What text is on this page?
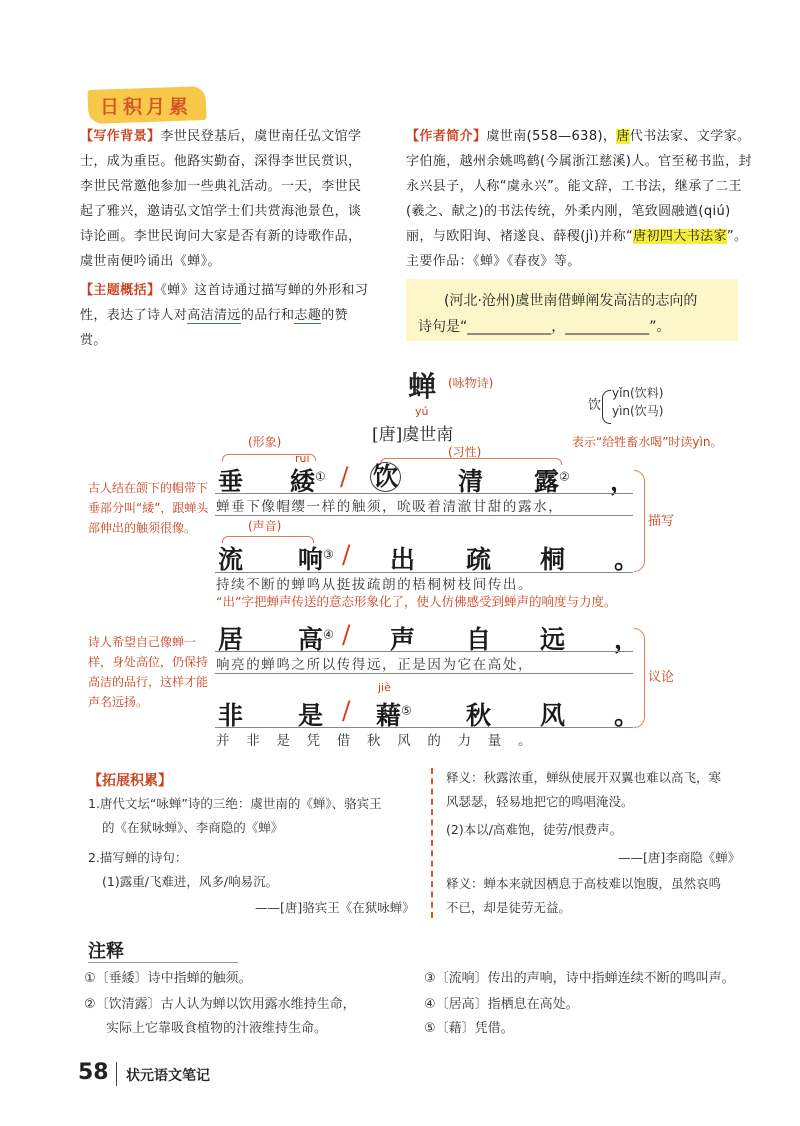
日积月累
【写作背景】李世民登基后，虞世南任弘文馆学士，成为重臣。他路实勤奋，深得李世民赏识，李世民常邀他参加一些典礼活动。一天，李世民起了雅兴，邀请弘文馆学士们共赏海池景色，谈诗论画。李世民询问大家是否有新的诗歌作品，虞世南便吟诵出《蝉》。
【主题概括】《蝉》这首诗通过描写蝉的外形和习性，表达了诗人对高洁清远的品行和志趣的赞赏。
【作者简介】虞世南(558—638)，唐代书法家、文学家。字伯施，越州余姚鸣鹤(今属浙江慈溪)人。官至秘书监，封永兴县子，人称“虞永兴”。能文辞，工书法，继承了二王(羲之、献之)的书法传统，外柔内刚，笔致圆融遒(qiú)丽，与欧阳询、褚遂良、薛稷(jì)并称“唐初四大书法家”。主要作品：《蝉》《春夜》等。
(河北·沧州)虞世南借蝉阐发高洁的志向的
诗句是“____________，____________”。
蝉 (咏物诗)
yú
[唐]虞世南
饮
yǐn(饮料)
yìn(饮马)
表示“给牲畜水喝”时读yìn。
(形象)
ruí	(习性)
垂 緌① / 饮 清 露② ，
蝉垂下像帽缨一样的触须，吮吸着清澈甘甜的露水，
(声音)
流 响③ / 出 疏 桐 。
持续不断的蝉鸣从挺拔疏朗的梧桐树枝间传出。
“出”字把蝉声传送的意态形象化了，使人仿佛感受到蝉声的响度与力度。
居 高④ / 声 自 远 ，
响亮的蝉鸣之所以传得远，正是因为它在高处，
jiè
非 是 / 藉⑤ 秋 风 。
并　非　是　凭　借　秋　风　的　力　量　。
描写
议论
古人结在颌下的帽带下垂部分叫“緌”，跟蝉头部伸出的触须很像。
诗人希望自己像蝉一样，身处高位，仍保持高洁的品行，这样才能声名远扬。
【拓展积累】
1.唐代文坛“咏蝉”诗的三绝：虞世南的《蝉》、骆宾王
的《在狱咏蝉》、李商隐的《蝉》
2.描写蝉的诗句：
(1)露重/飞难进，风多/响易沉。
——[唐]骆宾王《在狱咏蝉》
释义：秋露浓重，蝉纵使展开双翼也难以高飞，寒
风瑟瑟，轻易地把它的鸣唱淹没。
(2)本以/高难饱，徒劳/恨费声。
——[唐]李商隐《蝉》
释义：蝉本来就因栖息于高枝难以饱腹，虽然哀鸣
不已，却是徒劳无益。
注释
①〔垂緌〕诗中指蝉的触须。
②〔饮清露〕古人认为蝉以饮用露水维持生命，
实际上它靠吸食植物的汁液维持生命。
③〔流响〕传出的声响，诗中指蝉连续不断的鸣叫声。
④〔居高〕指栖息在高处。
⑤〔藉〕凭借。
58 状元语文笔记
